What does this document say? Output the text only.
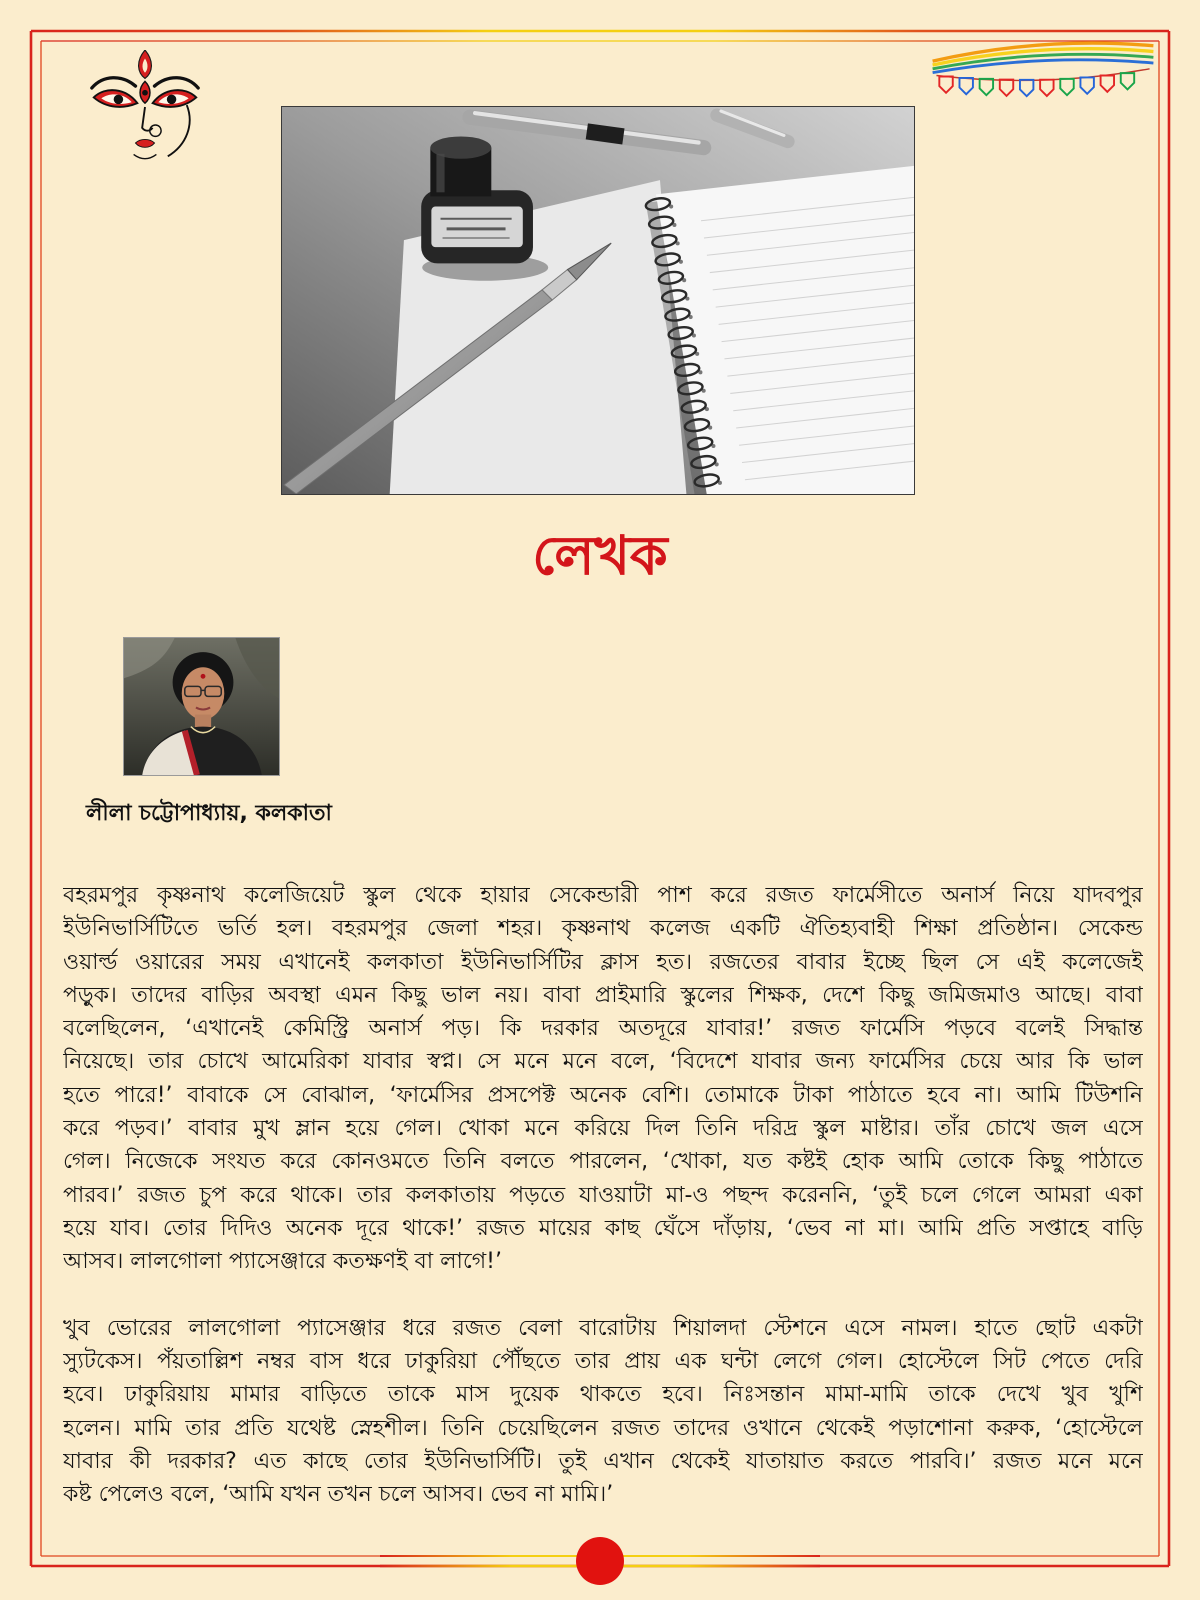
লেখক
লীলা চট্টোপাধ্যায়, কলকাতা
বহরমপুর কৃষ্ণনাথ কলেজিয়েট স্কুল থেকে হায়ার সেকেন্ডারী পাশ করে রজত ফার্মেসীতে অনার্স নিয়ে যাদবপুর
ইউনিভার্সিটিতে ভর্তি হল। বহরমপুর জেলা শহর। কৃষ্ণনাথ কলেজ একটি ঐতিহ্যবাহী শিক্ষা প্রতিষ্ঠান। সেকেন্ড
ওয়ার্ল্ড ওয়ারের সময় এখানেই কলকাতা ইউনিভার্সিটির ক্লাস হত। রজতের বাবার ইচ্ছে ছিল সে এই কলেজেই
পড়ুক। তাদের বাড়ির অবস্থা এমন কিছু ভাল নয়। বাবা প্রাইমারি স্কুলের শিক্ষক, দেশে কিছু জমিজমাও আছে। বাবা
বলেছিলেন, ‘এখানেই কেমিস্ট্রি অনার্স পড়। কি দরকার অতদূরে যাবার!’ রজত ফার্মেসি পড়বে বলেই সিদ্ধান্ত
নিয়েছে। তার চোখে আমেরিকা যাবার স্বপ্ন। সে মনে মনে বলে, ‘বিদেশে যাবার জন্য ফার্মেসির চেয়ে আর কি ভাল
হতে পারে!’ বাবাকে সে বোঝাল, ‘ফার্মেসির প্রসপেক্ট অনেক বেশি। তোমাকে টাকা পাঠাতে হবে না। আমি টিউশনি
করে পড়ব।’ বাবার মুখ ম্লান হয়ে গেল। খোকা মনে করিয়ে দিল তিনি দরিদ্র স্কুল মাষ্টার। তাঁর চোখে জল এসে
গেল। নিজেকে সংযত করে কোনওমতে তিনি বলতে পারলেন, ‘খোকা, যত কষ্টই হোক আমি তোকে কিছু পাঠাতে
পারব।’ রজত চুপ করে থাকে। তার কলকাতায় পড়তে যাওয়াটা মা-ও পছন্দ করেননি, ‘তুই চলে গেলে আমরা একা
হয়ে যাব। তোর দিদিও অনেক দূরে থাকে!’ রজত মায়ের কাছ ঘেঁসে দাঁড়ায়, ‘ভেব না মা। আমি প্রতি সপ্তাহে বাড়ি
আসব। লালগোলা প্যাসেঞ্জারে কতক্ষণই বা লাগে!’
খুব ভোরের লালগোলা প্যাসেঞ্জার ধরে রজত বেলা বারোটায় শিয়ালদা স্টেশনে এসে নামল। হাতে ছোট একটা
স্যুটকেস। পঁয়তাল্লিশ নম্বর বাস ধরে ঢাকুরিয়া পৌঁছতে তার প্রায় এক ঘন্টা লেগে গেল। হোস্টেলে সিট পেতে দেরি
হবে। ঢাকুরিয়ায় মামার বাড়িতে তাকে মাস দুয়েক থাকতে হবে। নিঃসন্তান মামা-মামি তাকে দেখে খুব খুশি
হলেন। মামি তার প্রতি যথেষ্ট স্নেহশীল। তিনি চেয়েছিলেন রজত তাদের ওখানে থেকেই পড়াশোনা করুক, ‘হোস্টেলে
যাবার কী দরকার? এত কাছে তোর ইউনিভার্সিটি। তুই এখান থেকেই যাতায়াত করতে পারবি।’ রজত মনে মনে
কষ্ট পেলেও বলে, ‘আমি যখন তখন চলে আসব। ভেব না মামি।’
